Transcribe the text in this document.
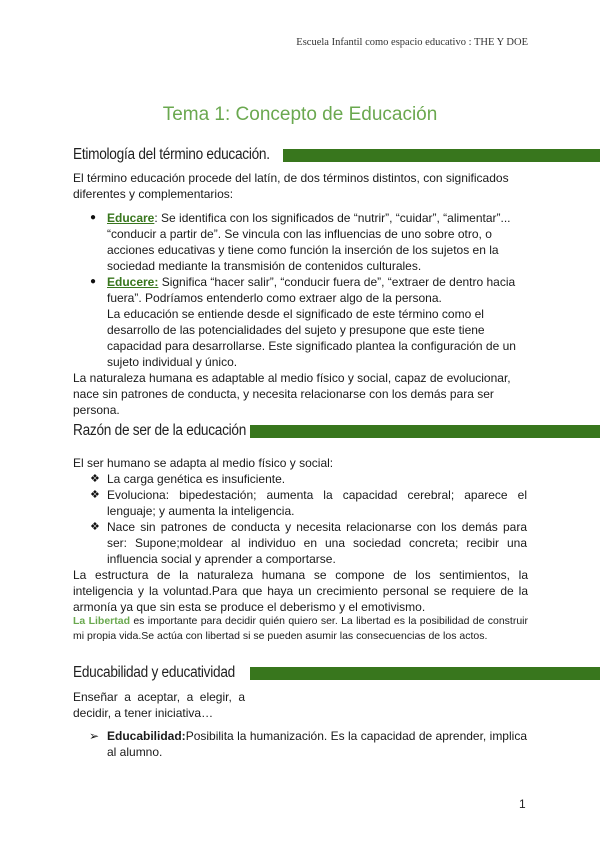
Escuela Infantil como espacio educativo : THE Y DOE
Tema 1: Concepto de Educación
Etimología del término educación.
El término educación procede del latín, de dos términos distintos, con significados diferentes y complementarios:
● Educare: Se identifica con los significados de “nutrir”, “cuidar”, “alimentar”... “conducir a partir de”. Se vincula con las influencias de uno sobre otro, o acciones educativas y tiene como función la inserción de los sujetos en la sociedad mediante la transmisión de contenidos culturales.
● Educere: Significa “hacer salir”, “conducir fuera de”, “extraer de dentro hacia fuera”. Podríamos entenderlo como extraer algo de la persona.
La educación se entiende desde el significado de este término como el desarrollo de las potencialidades del sujeto y presupone que este tiene capacidad para desarrollarse. Este significado plantea la configuración de un sujeto individual y único.
La naturaleza humana es adaptable al medio físico y social, capaz de evolucionar, nace sin patrones de conducta, y necesita relacionarse con los demás para ser persona.
Razón de ser de la educación
El ser humano se adapta al medio físico y social:
❖ La carga genética es insuficiente.
❖ Evoluciona: bipedestación; aumenta la capacidad cerebral; aparece el lenguaje; y aumenta la inteligencia.
❖ Nace sin patrones de conducta y necesita relacionarse con los demás para ser: Supone;moldear al individuo en una sociedad concreta; recibir una influencia social y aprender a comportarse.
La estructura de la naturaleza humana se compone de los sentimientos, la inteligencia y la voluntad.Para que haya un crecimiento personal se requiere de la armonía ya que sin esta se produce el deberismo y el emotivismo.
La Libertad es importante para decidir quién quiero ser. La libertad es la posibilidad de construir mi propia vida.Se actúa con libertad si se pueden asumir las consecuencias de los actos.
Educabilidad y educatividad
Enseñar a aceptar, a elegir, a decidir, a tener iniciativa…
➢ Educabilidad:Posibilita la humanización. Es la capacidad de aprender, implica al alumno.
1
